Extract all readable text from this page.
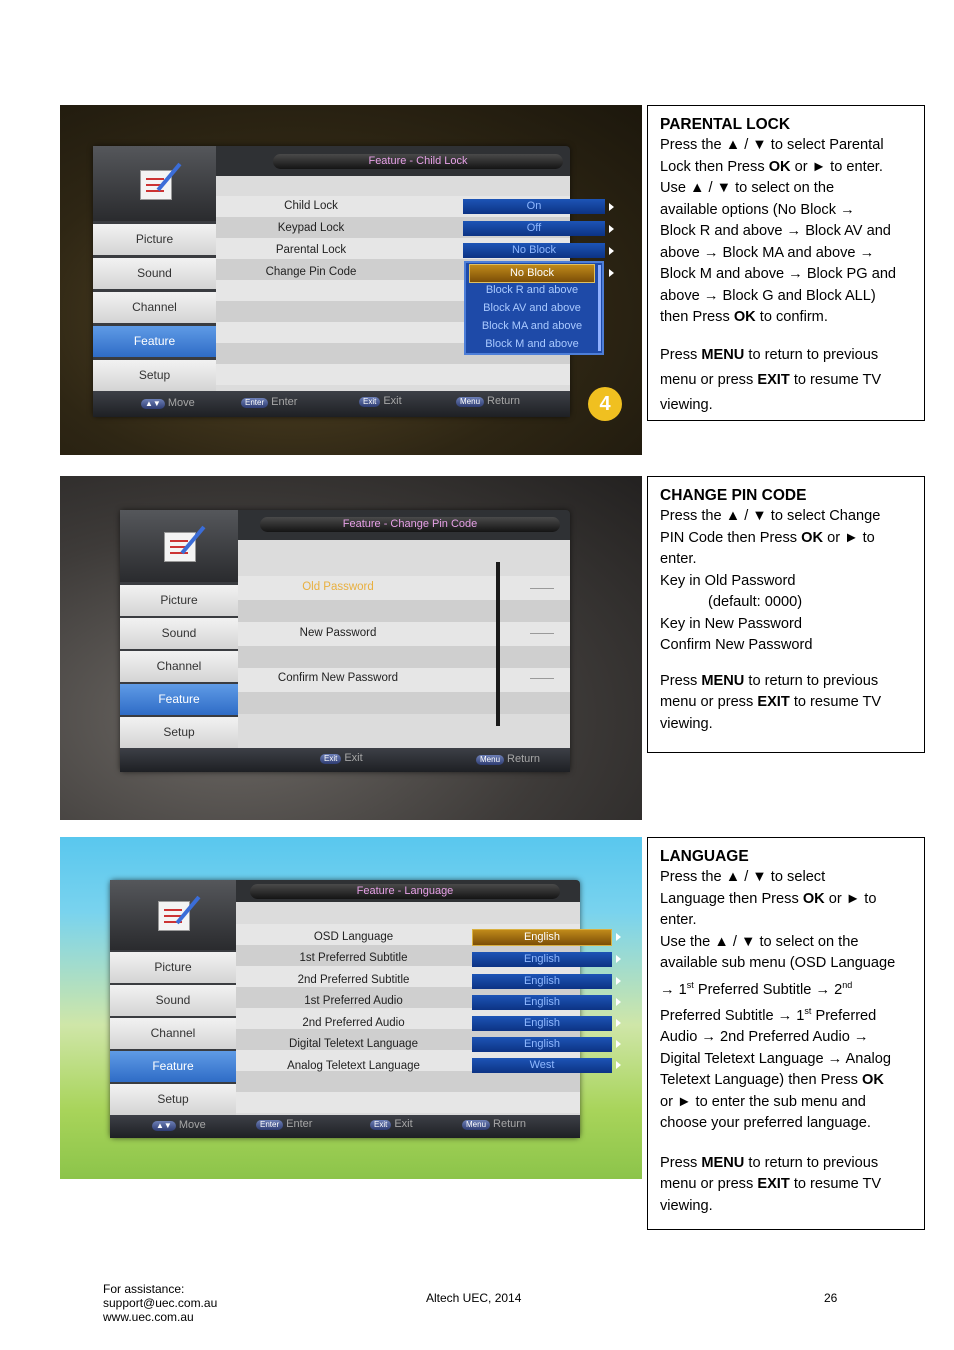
Feature - Child Lock
Picture
Sound
Channel
Feature
Setup
Child Lock	On
Keypad Lock	Off
Parental Lock	No Block
Change Pin Code	No Block
Block R and above
Block AV and above
Block MA and above
Block M and above
▲▼ Move	Enter Enter	Exit Exit	Menu Return	4
PARENTAL LOCK

Press the ▲ / ▼ to select Parental

Lock then Press OK or ► to enter.

Use ▲ / ▼ to select on the

available options (No Block →

Block R and above → Block AV and

above → Block MA and above →

Block M and above → Block PG and

above → Block G and Block ALL)

then Press OK to confirm.

Press MENU to return to previous

menu or press EXIT to resume TV

viewing.

Feature - Change Pin Code
Picture
Sound
Channel
Feature
Setup
Old Password
New Password
Confirm New Password
Exit Exit	Menu Return
CHANGE PIN CODE

Press the ▲ / ▼ to select Change

PIN Code then Press OK or ► to

enter.

Key in Old Password

(default: 0000)

Key in New Password

Confirm New Password

Press MENU to return to previous

menu or press EXIT to resume TV

viewing.

Feature - Language
Picture
Sound
Channel
Feature
Setup
OSD Language	English
1st Preferred Subtitle	English
2nd Preferred Subtitle	English
1st Preferred Audio	English
2nd Preferred Audio	English
Digital Teletext Language	English
Analog Teletext Language	West
▲▼ Move	Enter Enter	Exit Exit	Menu Return
LANGUAGE

Press the ▲ / ▼ to select

Language then Press OK or ► to

enter.

Use the ▲ / ▼ to select on the

available sub menu (OSD Language

→ 1st Preferred Subtitle → 2nd

Preferred Subtitle → 1st Preferred

Audio → 2nd Preferred Audio →

Digital Teletext Language → Analog

Teletext Language) then Press OK

or ► to enter the sub menu and

choose your preferred language.

Press MENU to return to previous

menu or press EXIT to resume TV

viewing.

For assistance:
support@uec.com.au
www.uec.com.au
Altech UEC, 2014	26
